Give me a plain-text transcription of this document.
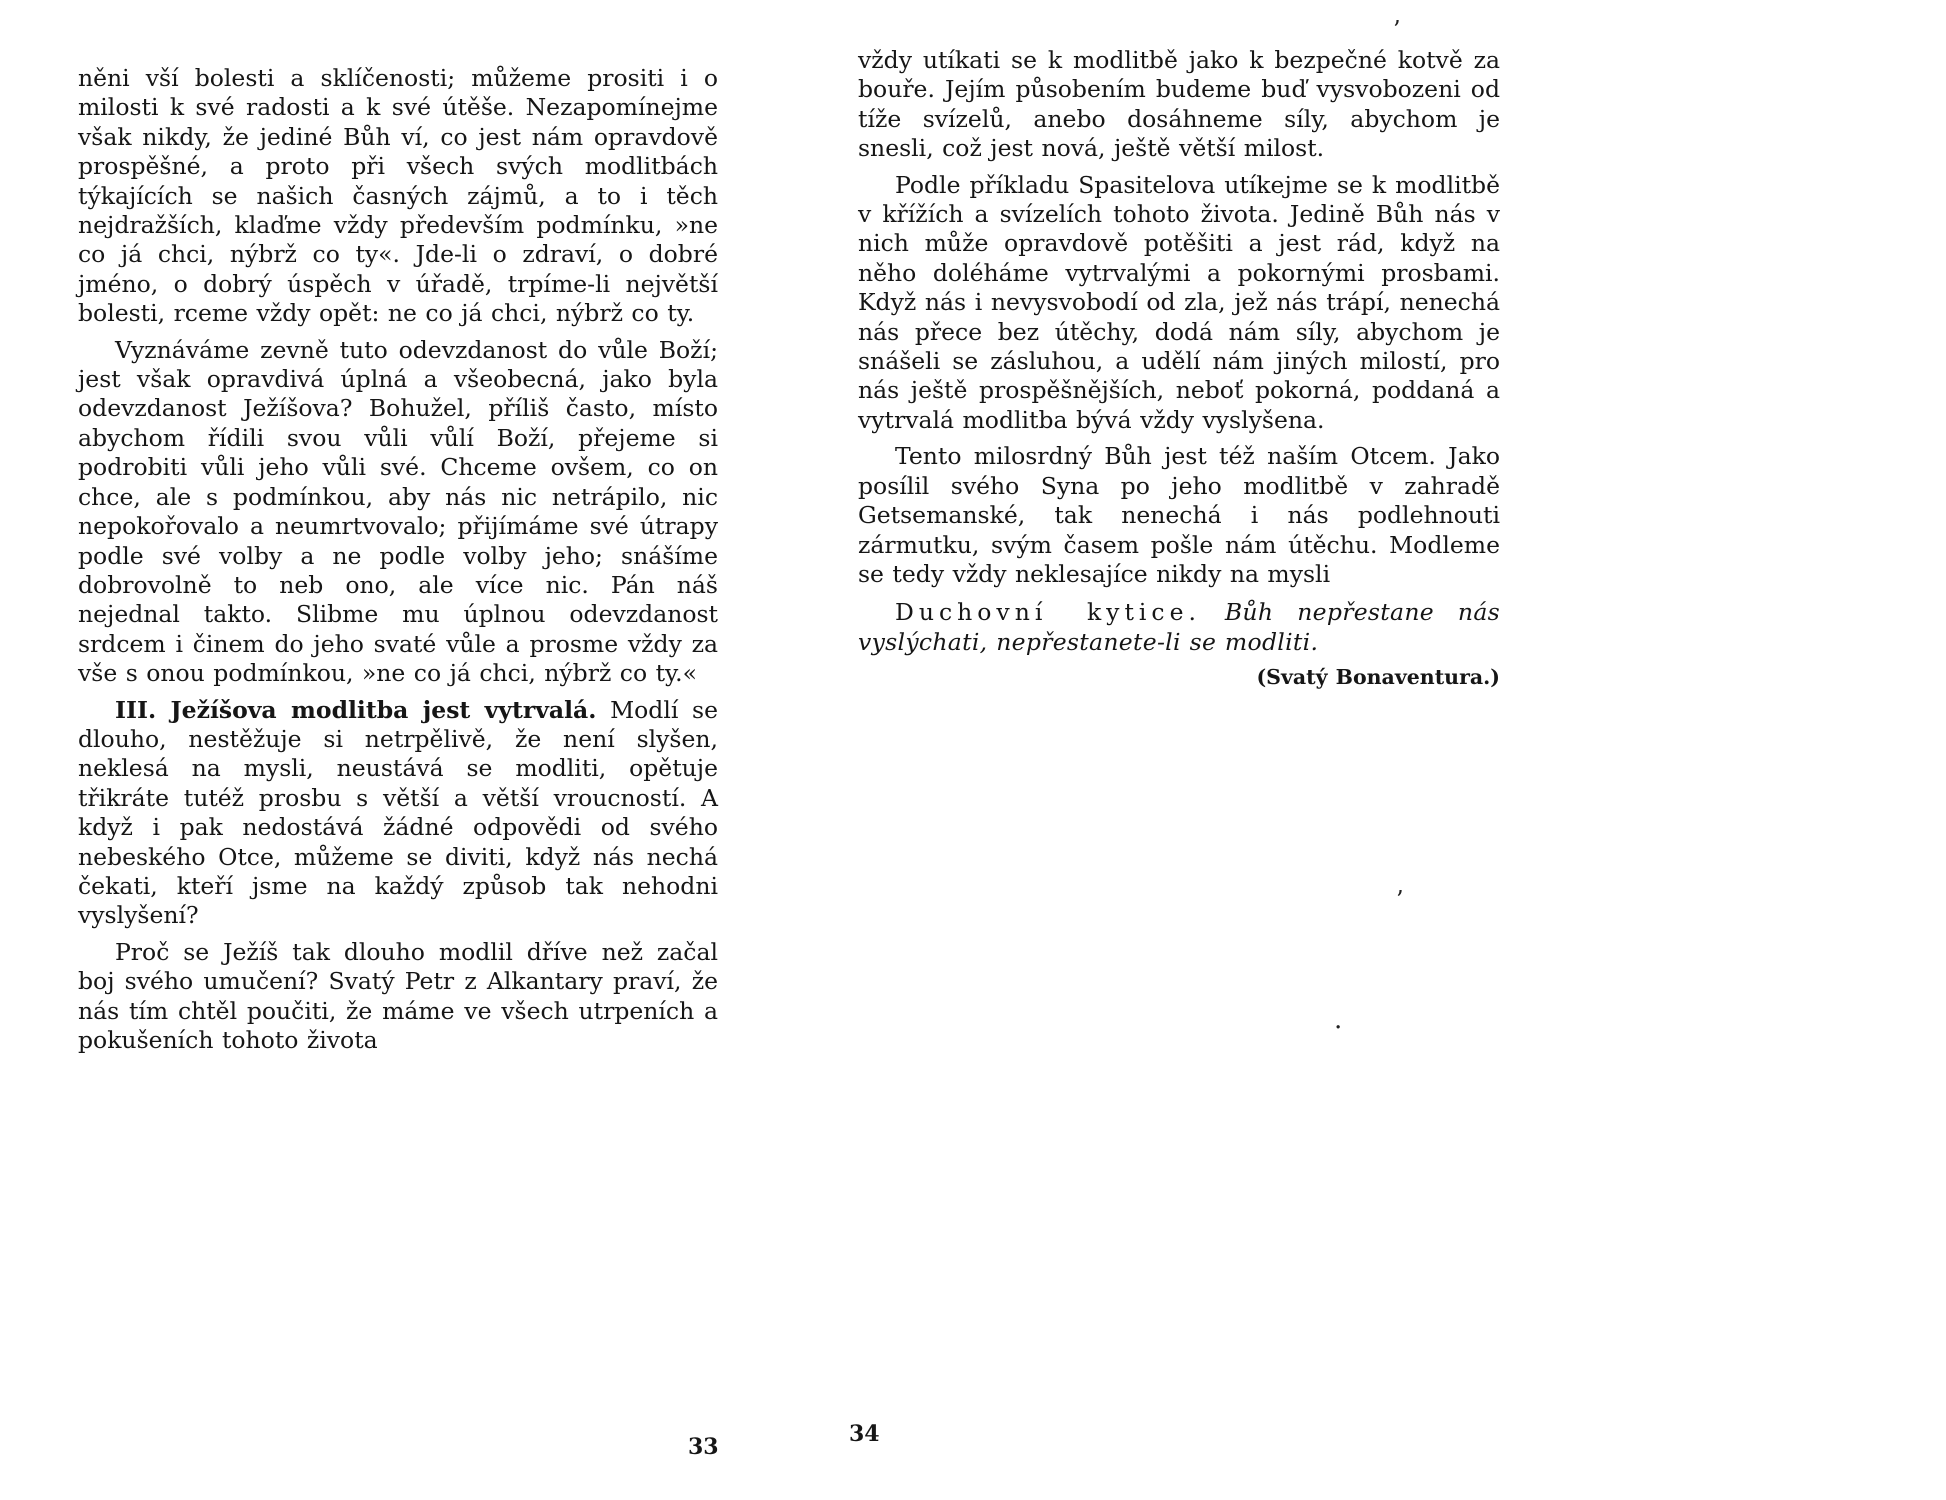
něni vší bolesti a sklíčenosti; můžeme prositi i o milosti k své radosti a k své útěše. Nezapomínejme však nikdy, že jediné Bůh ví, co jest nám opravdově prospěšné, a proto při všech svých modlitbách týkajících se našich časných zájmů, a to i těch nejdražších, klaďme vždy především podmínku, »ne co já chci, nýbrž co ty«. Jde-li o zdraví, o dobré jméno, o dobrý úspěch v úřadě, trpíme-li největší bolesti, rceme vždy opět: ne co já chci, nýbrž co ty.

Vyznáváme zevně tuto odevzdanost do vůle Boží; jest však opravdivá úplná a všeobecná, jako byla odevzdanost Ježíšova? Bohužel, příliš často, místo abychom řídili svou vůli vůlí Boží, přejeme si podrobiti vůli jeho vůli své. Chceme ovšem, co on chce, ale s podmínkou, aby nás nic netrápilo, nic nepokořovalo a neumrtvovalo; přijímáme své útrapy podle své volby a ne podle volby jeho; snášíme dobrovolně to neb ono, ale více nic. Pán náš nejednal takto. Slibme mu úplnou odevzdanost srdcem i činem do jeho svaté vůle a prosme vždy za vše s onou podmínkou, »ne co já chci, nýbrž co ty.«

III. Ježíšova modlitba jest vytrvalá. Modlí se dlouho, nestěžuje si netrpělivě, že není slyšen, neklesá na mysli, neustává se modliti, opětuje třikráte tutéž prosbu s větší a větší vroucností. A když i pak nedostává žádné odpovědi od svého nebeského Otce, můžeme se diviti, když nás nechá čekati, kteří jsme na každý způsob tak nehodni vyslyšení?

Proč se Ježíš tak dlouho modlil dříve než začal boj svého umučení? Svatý Petr z Alkantary praví, že nás tím chtěl poučiti, že máme ve všech utrpeních a pokušeních tohoto života

vždy utíkati se k modlitbě jako k bezpečné kotvě za bouře. Jejím působením budeme buď vysvobozeni od tíže svízelů, anebo dosáhneme síly, abychom je snesli, což jest nová, ještě větší milost.

Podle příkladu Spasitelova utíkejme se k modlitbě v křížích a svízelích tohoto života. Jedině Bůh nás v nich může opravdově potěšiti a jest rád, když na něho doléháme vytrvalými a pokornými prosbami. Když nás i nevysvobodí od zla, jež nás trápí, nenechá nás přece bez útěchy, dodá nám síly, abychom je snášeli se zásluhou, a udělí nám jiných milostí, pro nás ještě prospěšnějších, neboť pokorná, poddaná a vytrvalá modlitba bývá vždy vyslyšena.

Tento milosrdný Bůh jest též naším Otcem. Jako posílil svého Syna po jeho modlitbě v zahradě Getsemanské, tak nenechá i nás podlehnouti zármutku, svým časem pošle nám útěchu. Modleme se tedy vždy neklesajíce nikdy na mysli

Duchovní kytice. Bůh nepřestane nás vyslýchati, nepřestanete-li se modliti.

(Svatý Bonaventura.)

33	34
’
’
.
